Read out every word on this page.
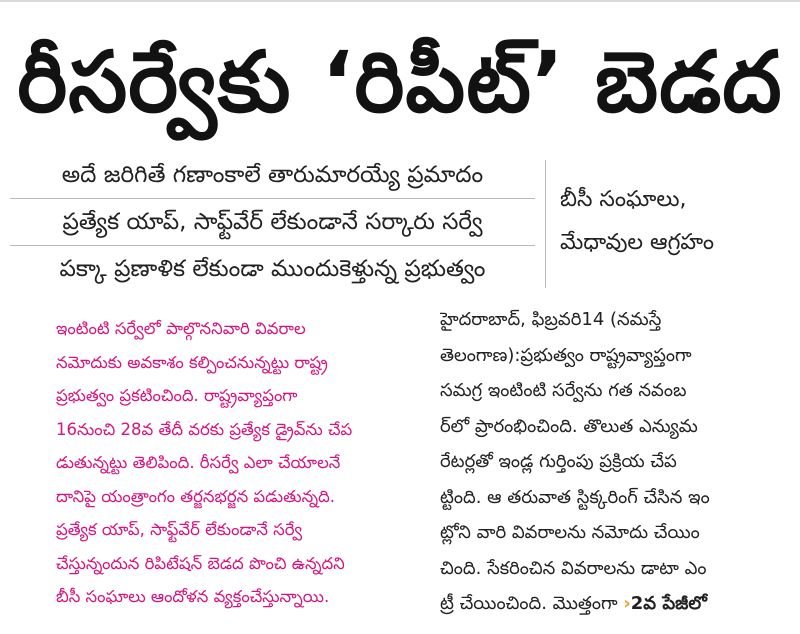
రీసర్వేకు ‘రిపీట్’ బెడద
అదే జరిగితే గణాంకాలే తారుమారయ్యే ప్రమాదం
ప్రత్యేక యాప్, సాఫ్ట్‌వేర్ లేకుండానే సర్కారు సర్వే
పక్కా ప్రణాళిక లేకుండా ముందుకెళ్తున్న ప్రభుత్వం
బీసీ సంఘాలు,
మేధావుల ఆగ్రహం
ఇంటింటి సర్వేలో పాల్గొననివారి వివరాల
నమోదుకు అవకాశం కల్పించనున్నట్టు రాష్ట్ర
ప్రభుత్వం ప్రకటించింది. రాష్ట్రవ్యాప్తంగా
16నుంచి 28వ తేదీ వరకు ప్రత్యేక డ్రైవ్‌ను చేప
డుతున్నట్టు తెలిపింది. రీసర్వే ఎలా చేయాలనే
దానిపై యంత్రాంగం తర్జనభర్జన పడుతున్నది.
ప్రత్యేక యాప్, సాఫ్ట్‌వేర్ లేకుండానే సర్వే
చేస్తున్నందున రిపిటేషన్ బెడద పొంచి ఉన్నదని
బీసీ సంఘాలు ఆందోళన వ్యక్తంచేస్తున్నాయి.
హైదరాబాద్, ఫిబ్రవరి14 (నమస్తే
తెలంగాణ):ప్రభుత్వం రాష్ట్రవ్యాప్తంగా
సమగ్ర ఇంటింటి సర్వేను గత నవంబ
ర్‌లో ప్రారంభించింది. తొలుత ఎన్యుమ
రేటర్లతో ఇండ్ల గుర్తింపు ప్రక్రియ చేప
ట్టింది. ఆ తరువాత స్టిక్కరింగ్ చేసిన ఇం
ట్లోని వారి వివరాలను నమోదు చేయిం
చింది. సేకరించిన వివరాలను డాటా ఎం
ట్రీ చేయించింది. మొత్తంగా ›2వ పేజీలో
